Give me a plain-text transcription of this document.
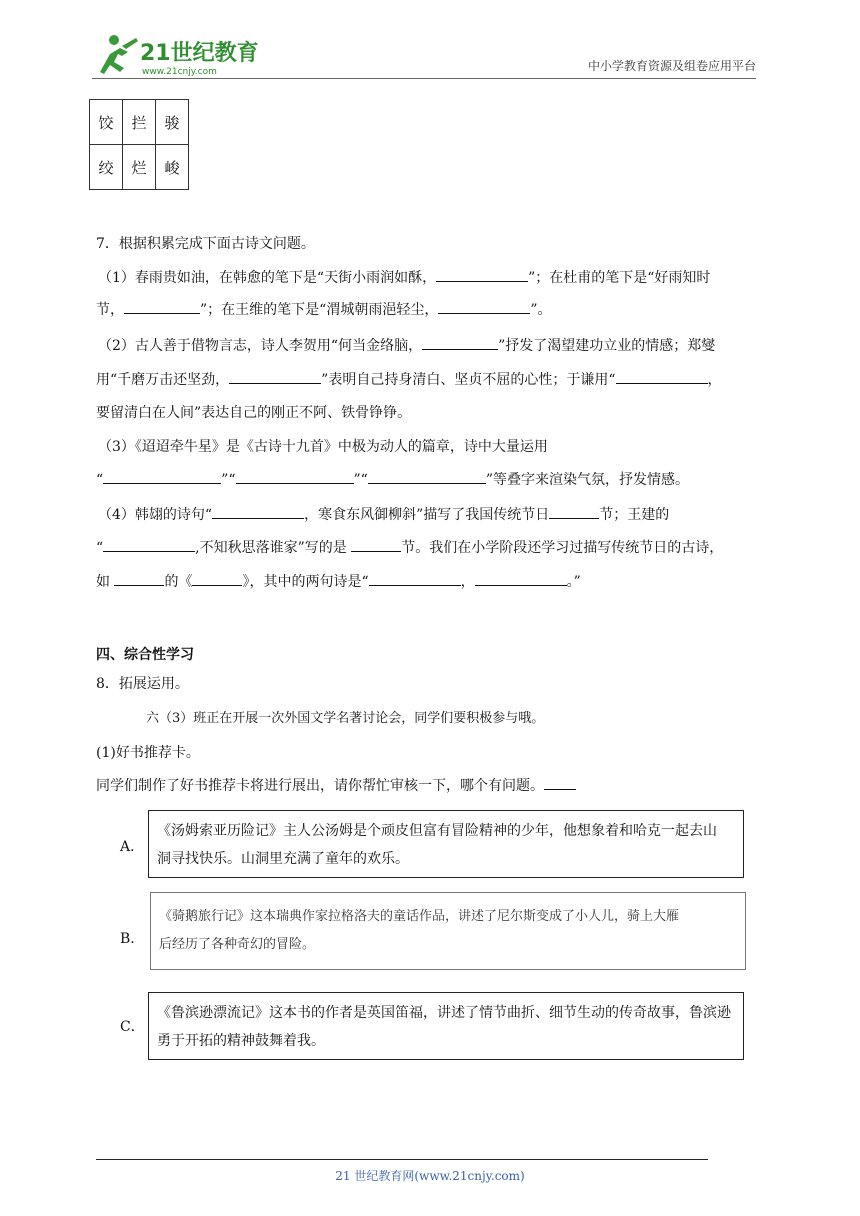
21世纪教育
www.21cnjy.com	中小学教育资源及组卷应用平台
饺	拦	骏
绞	烂	峻
7．根据积累完成下面古诗文问题。
（1）春雨贵如油，在韩愈的笔下是“天街小雨润如酥，	”；在杜甫的笔下是“好雨知时
节，	”；在王维的笔下是“渭城朝雨浥轻尘，	”。
（2）古人善于借物言志，诗人李贺用“何当金络脑，	”抒发了渴望建功立业的情感；郑燮
用“千磨万击还坚劲，	”表明自己持身清白、坚贞不屈的心性；于谦用“	，
要留清白在人间”表达自己的刚正不阿、铁骨铮铮。
（3）《迢迢牵牛星》是《古诗十九首》中极为动人的篇章，诗中大量运用
“	”“	”“	”等叠字来渲染气氛，抒发情感。
（4）韩翃的诗句“	，寒食东风御柳斜”描写了我国传统节日	节；王建的
“	,不知秋思落谁家”写的是	节。我们在小学阶段还学习过描写传统节日的古诗，
如	的《	》，其中的两句诗是“	，	。”
四、综合性学习
8．拓展运用。
六（3）班正在开展一次外国文学名著讨论会，同学们要积极参与哦。
(1)好书推荐卡。
同学们制作了好书推荐卡将进行展出，请你帮忙审核一下，哪个有问题。
A．
《汤姆索亚历险记》主人公汤姆是个顽皮但富有冒险精神的少年，他想象着和哈克一起去山
洞寻找快乐。山洞里充满了童年的欢乐。
B．
《骑鹅旅行记》这本瑞典作家拉格洛夫的童话作品，讲述了尼尔斯变成了小人儿，骑上大雁
后经历了各种奇幻的冒险。
C．
《鲁滨逊漂流记》这本书的作者是英国笛福，讲述了情节曲折、细节生动的传奇故事，鲁滨逊
勇于开拓的精神鼓舞着我。
21 世纪教育网(www.21cnjy.com)
